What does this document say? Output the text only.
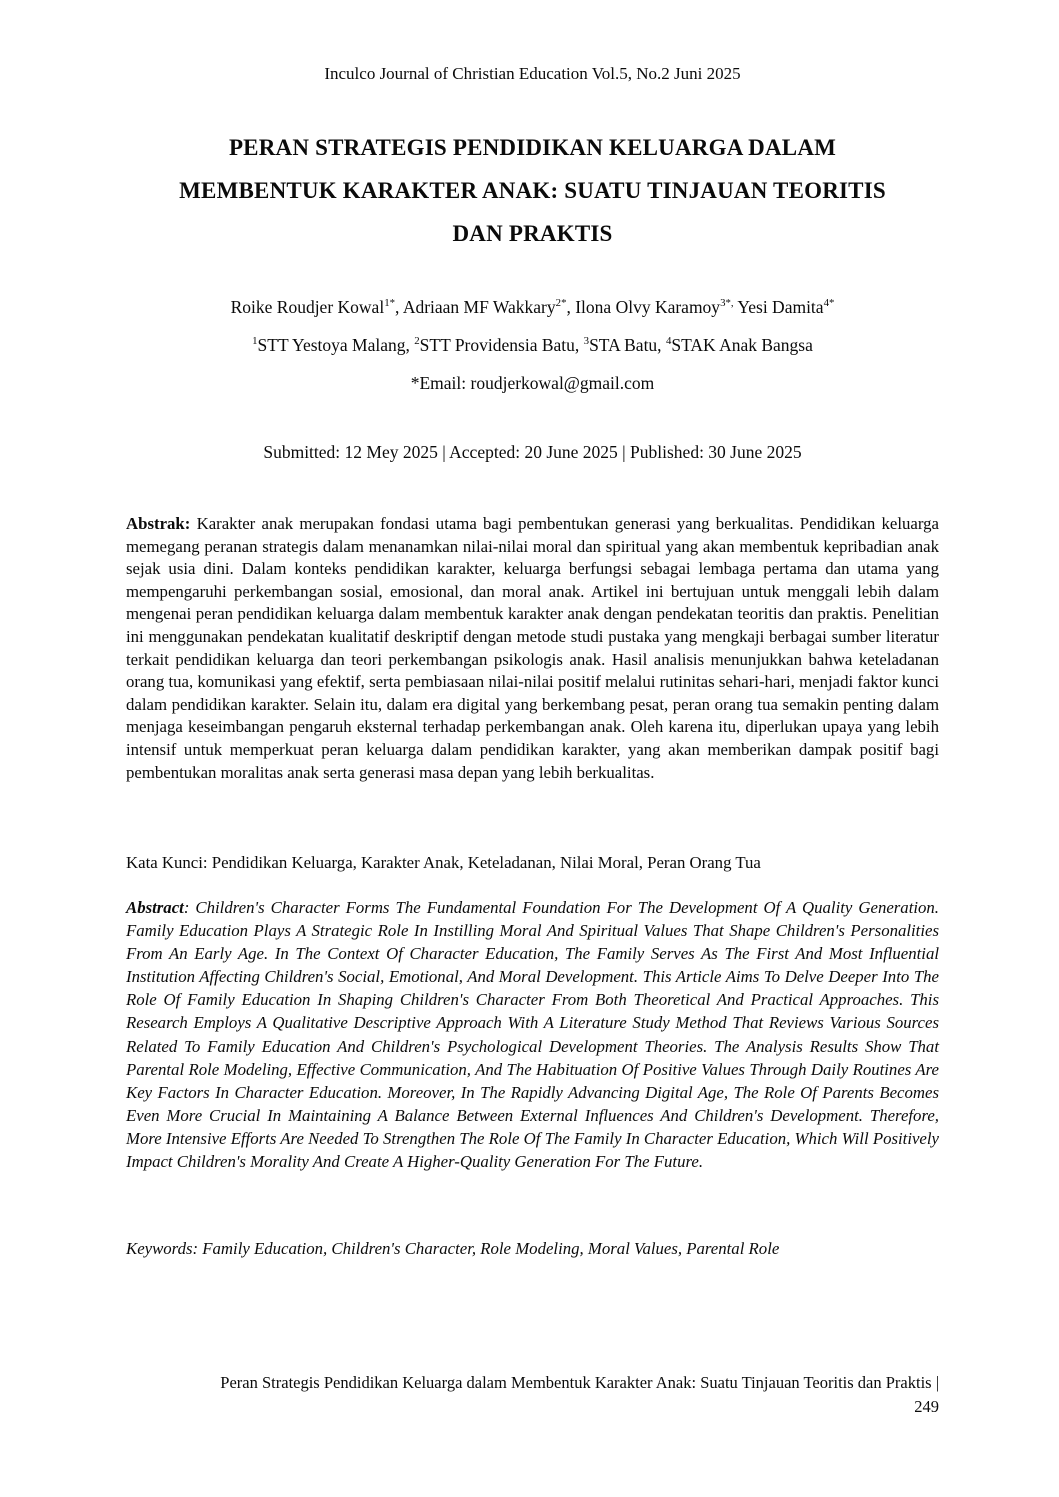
Inculco Journal of Christian Education Vol.5, No.2 Juni 2025
PERAN STRATEGIS PENDIDIKAN KELUARGA DALAM
MEMBENTUK KARAKTER ANAK: SUATU TINJAUAN TEORITIS
DAN PRAKTIS
Roike Roudjer Kowal$^{1*}$, Adriaan MF Wakkary$^{2*}$, Ilona Olvy Karamoy$^{3*,}$ Yesi Damita$^{4*}$
$^1$STT Yestoya Malang, $^2$STT Providensia Batu, $^3$STA Batu, $^4$STAK Anak Bangsa
*Email: roudjerkowal@gmail.com
Submitted: 12 Mey 2025 | Accepted: 20 June 2025 | Published: 30 June 2025

Abstrak: Karakter anak merupakan fondasi utama bagi pembentukan generasi yang berkualitas. Pendidikan keluarga memegang peranan strategis dalam menanamkan nilai-nilai moral dan spiritual yang akan membentuk kepribadian anak sejak usia dini. Dalam konteks pendidikan karakter, keluarga berfungsi sebagai lembaga pertama dan utama yang mempengaruhi perkembangan sosial, emosional, dan moral anak. Artikel ini bertujuan untuk menggali lebih dalam mengenai peran pendidikan keluarga dalam membentuk karakter anak dengan pendekatan teoritis dan praktis. Penelitian ini menggunakan pendekatan kualitatif deskriptif dengan metode studi pustaka yang mengkaji berbagai sumber literatur terkait pendidikan keluarga dan teori perkembangan psikologis anak. Hasil analisis menunjukkan bahwa keteladanan orang tua, komunikasi yang efektif, serta pembiasaan nilai-nilai positif melalui rutinitas sehari-hari, menjadi faktor kunci dalam pendidikan karakter. Selain itu, dalam era digital yang berkembang pesat, peran orang tua semakin penting dalam menjaga keseimbangan pengaruh eksternal terhadap perkembangan anak. Oleh karena itu, diperlukan upaya yang lebih intensif untuk memperkuat peran keluarga dalam pendidikan karakter, yang akan memberikan dampak positif bagi pembentukan moralitas anak serta generasi masa depan yang lebih berkualitas.

Kata Kunci: Pendidikan Keluarga, Karakter Anak, Keteladanan, Nilai Moral, Peran Orang Tua

Abstract: Children's Character Forms The Fundamental Foundation For The Development Of A Quality Generation. Family Education Plays A Strategic Role In Instilling Moral And Spiritual Values That Shape Children's Personalities From An Early Age. In The Context Of Character Education, The Family Serves As The First And Most Influential Institution Affecting Children's Social, Emotional, And Moral Development. This Article Aims To Delve Deeper Into The Role Of Family Education In Shaping Children's Character From Both Theoretical And Practical Approaches. This Research Employs A Qualitative Descriptive Approach With A Literature Study Method That Reviews Various Sources Related To Family Education And Children's Psychological Development Theories. The Analysis Results Show That Parental Role Modeling, Effective Communication, And The Habituation Of Positive Values Through Daily Routines Are Key Factors In Character Education. Moreover, In The Rapidly Advancing Digital Age, The Role Of Parents Becomes Even More Crucial In Maintaining A Balance Between External Influences And Children's Development. Therefore, More Intensive Efforts Are Needed To Strengthen The Role Of The Family In Character Education, Which Will Positively Impact Children's Morality And Create A Higher-Quality Generation For The Future.

Keywords: Family Education, Children's Character, Role Modeling, Moral Values, Parental Role
Peran Strategis Pendidikan Keluarga dalam Membentuk Karakter Anak: Suatu Tinjauan Teoritis dan Praktis |
249
